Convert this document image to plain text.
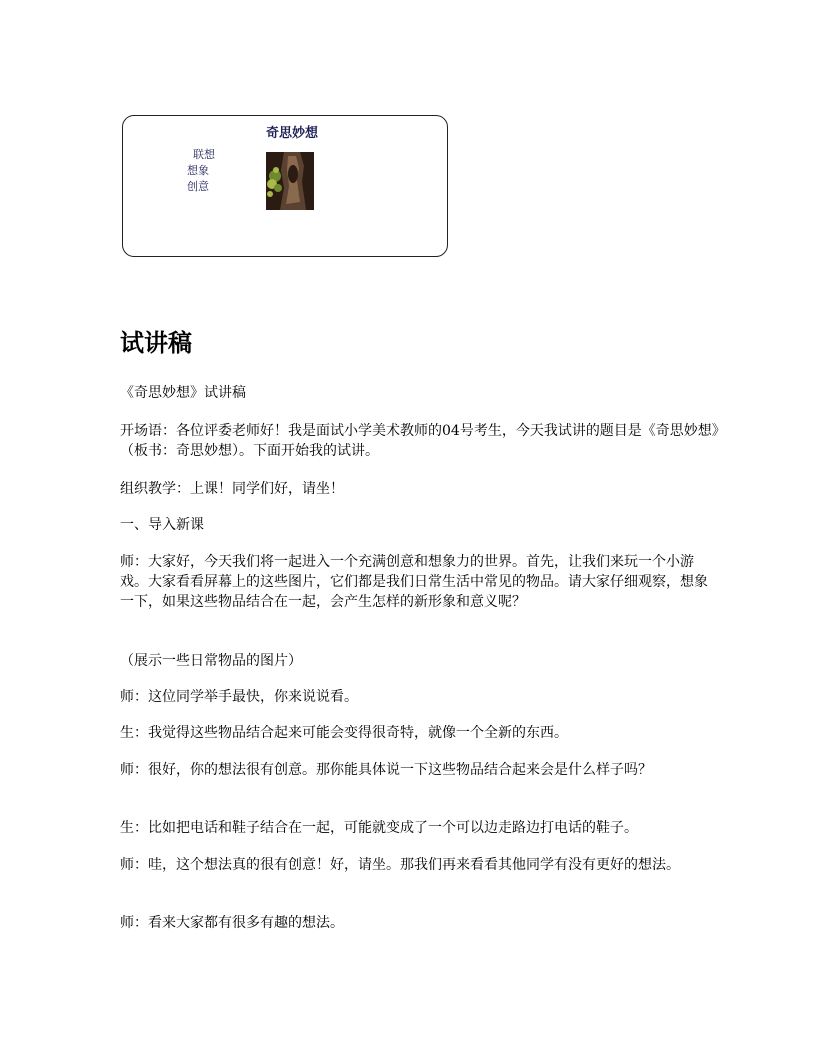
奇思妙想
联想
想象
创意
试讲稿

《奇思妙想》试讲稿

开场语：各位评委老师好！我是面试小学美术教师的04号考生，今天我试讲的题目是《奇思妙想》（板书：奇思妙想）。下面开始我的试讲。

组织教学：上课！同学们好，请坐！

一、导入新课

师：大家好，今天我们将一起进入一个充满创意和想象力的世界。首先，让我们来玩一个小游戏。大家看看屏幕上的这些图片，它们都是我们日常生活中常见的物品。请大家仔细观察，想象一下，如果这些物品结合在一起，会产生怎样的新形象和意义呢？

（展示一些日常物品的图片）

师：这位同学举手最快，你来说说看。

生：我觉得这些物品结合起来可能会变得很奇特，就像一个全新的东西。

师：很好，你的想法很有创意。那你能具体说一下这些物品结合起来会是什么样子吗？

生：比如把电话和鞋子结合在一起，可能就变成了一个可以边走路边打电话的鞋子。

师：哇，这个想法真的很有创意！好，请坐。那我们再来看看其他同学有没有更好的想法。

师：看来大家都有很多有趣的想法。
